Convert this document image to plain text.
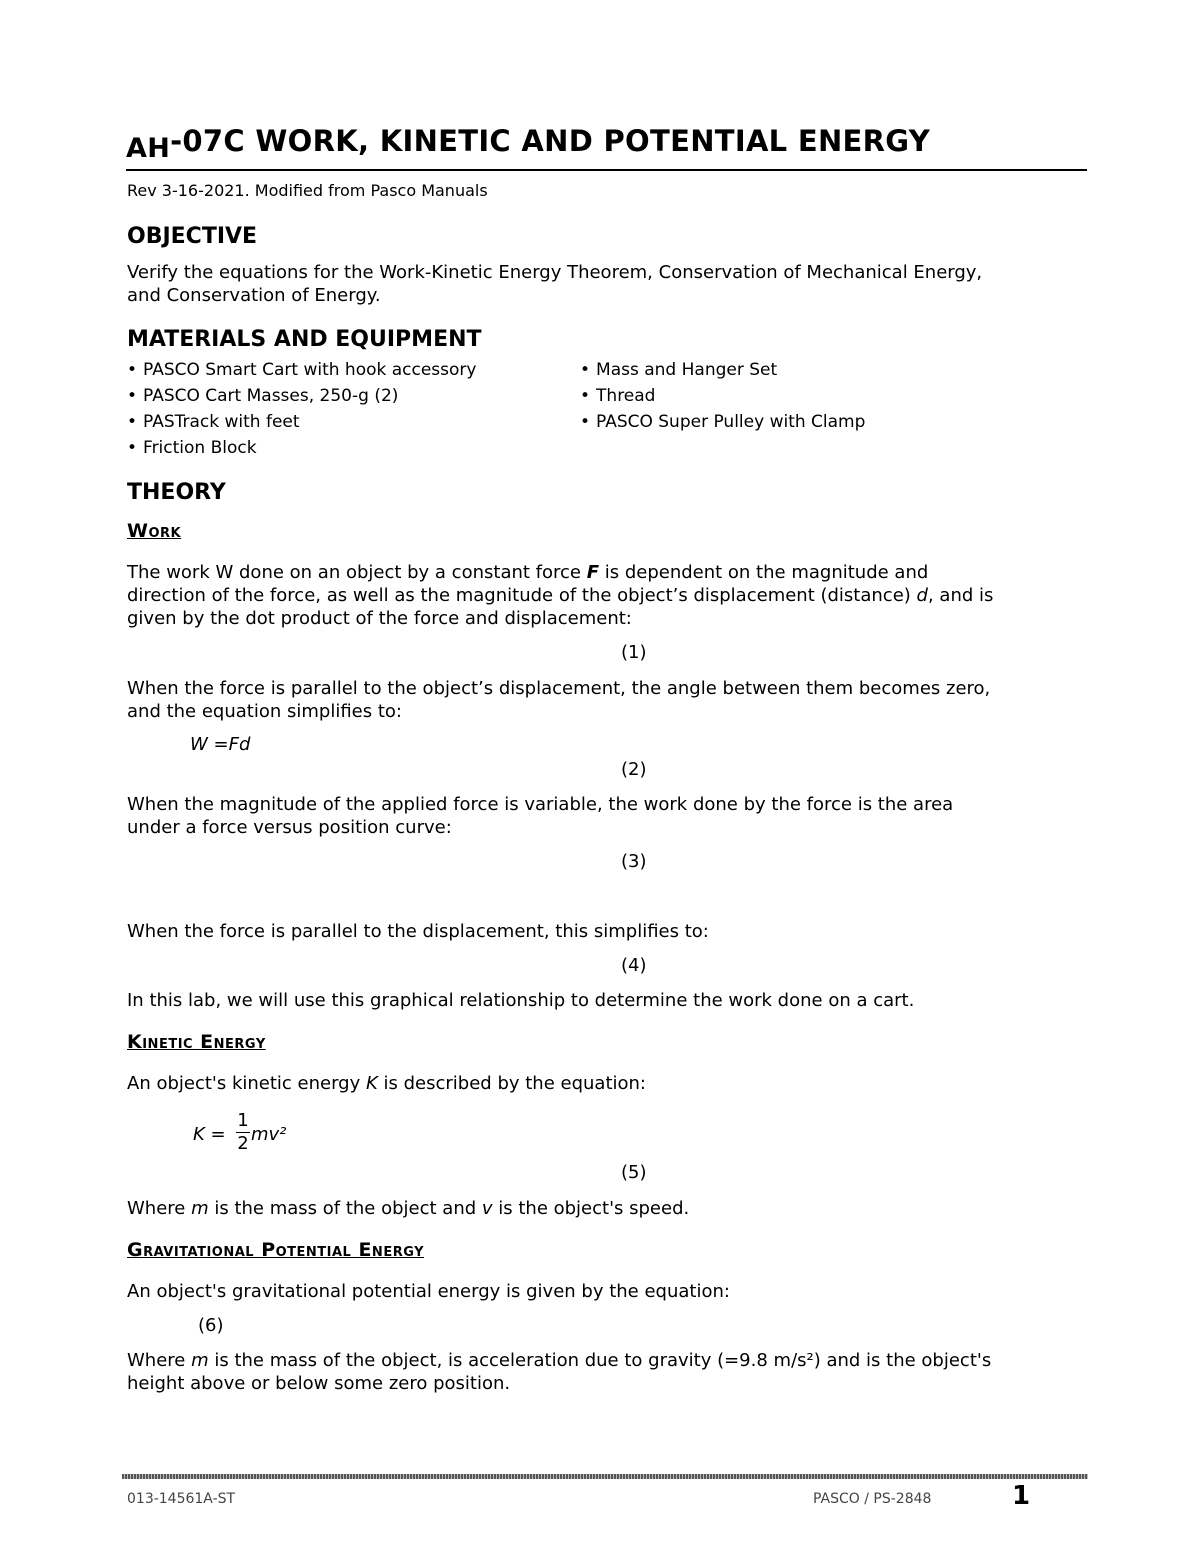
AH-07C WORK, KINETIC AND POTENTIAL ENERGY
Rev 3-16-2021. Modified from Pasco Manuals
OBJECTIVE
Verify the equations for the Work-Kinetic Energy Theorem, Conservation of Mechanical Energy,
and Conservation of Energy.
MATERIALS AND EQUIPMENT
• PASCO Smart Cart with hook accessory
• PASCO Cart Masses, 250-g (2)
• PASTrack with feet
• Friction Block
• Mass and Hanger Set
• Thread
• PASCO Super Pulley with Clamp
THEORY
Work
The work W done on an object by a constant force F is dependent on the magnitude and
direction of the force, as well as the magnitude of the object’s displacement (distance) d, and is
given by the dot product of the force and displacement:
(1)
When the force is parallel to the object’s displacement, the angle between them becomes zero,
and the equation simplifies to:
W =Fd
(2)
When the magnitude of the applied force is variable, the work done by the force is the area
under a force versus position curve:
(3)
When the force is parallel to the displacement, this simplifies to:
(4)
In this lab, we will use this graphical relationship to determine the work done on a cart.
Kinetic Energy
An object's kinetic energy K is described by the equation:
K =
1
2 mv²
(5)
Where m is the mass of the object and v is the object's speed.
Gravitational Potential Energy
An object's gravitational potential energy is given by the equation:
(6)
Where m is the mass of the object, is acceleration due to gravity (=9.8 m/s²) and is the object's
height above or below some zero position.
013-14561A-ST	PASCO / PS-2848	1
